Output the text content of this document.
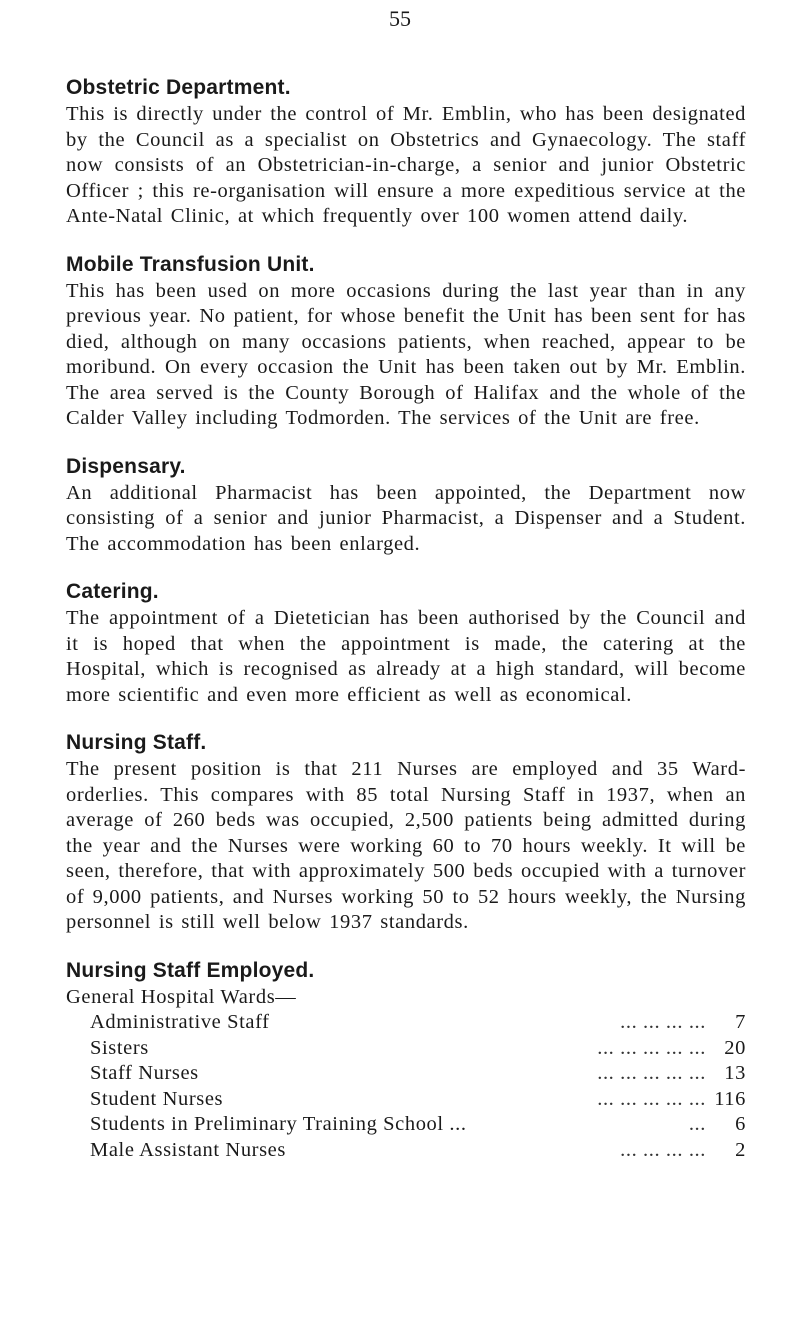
55

Obstetric Department.

This is directly under the control of Mr. Emblin, who has been designated by the Council as a specialist on Obstetrics and Gynaecology. The staff now consists of an Obstetrician-in-charge, a senior and junior Obstetric Officer ; this re-organisation will ensure a more expeditious service at the Ante-Natal Clinic, at which frequently over 100 women attend daily.

Mobile Transfusion Unit.

This has been used on more occasions during the last year than in any previous year. No patient, for whose benefit the Unit has been sent for has died, although on many occasions patients, when reached, appear to be moribund. On every occasion the Unit has been taken out by Mr. Emblin. The area served is the County Borough of Halifax and the whole of the Calder Valley including Todmorden. The services of the Unit are free.

Dispensary.

An additional Pharmacist has been appointed, the Department now consisting of a senior and junior Pharmacist, a Dispenser and a Student. The accommodation has been enlarged.

Catering.

The appointment of a Dietetician has been authorised by the Council and it is hoped that when the appointment is made, the catering at the Hospital, which is recognised as already at a high standard, will become more scientific and even more efficient as well as economical.

Nursing Staff.

The present position is that 211 Nurses are employed and 35 Ward-orderlies. This compares with 85 total Nursing Staff in 1937, when an average of 260 beds was occupied, 2,500 patients being admitted during the year and the Nurses were working 60 to 70 hours weekly. It will be seen, therefore, that with approximately 500 beds occupied with a turnover of 9,000 patients, and Nurses working 50 to 52 hours weekly, the Nursing personnel is still well below 1937 standards.

Nursing Staff Employed.

General Hospital Wards—

Administrative Staff	... ... ... ...	7
Sisters	... ... ... ... ...	20
Staff Nurses	... ... ... ... ...	13
Student Nurses	... ... ... ... ...	116
Students in Preliminary Training School ...	...	6
Male Assistant Nurses	... ... ... ...	2
